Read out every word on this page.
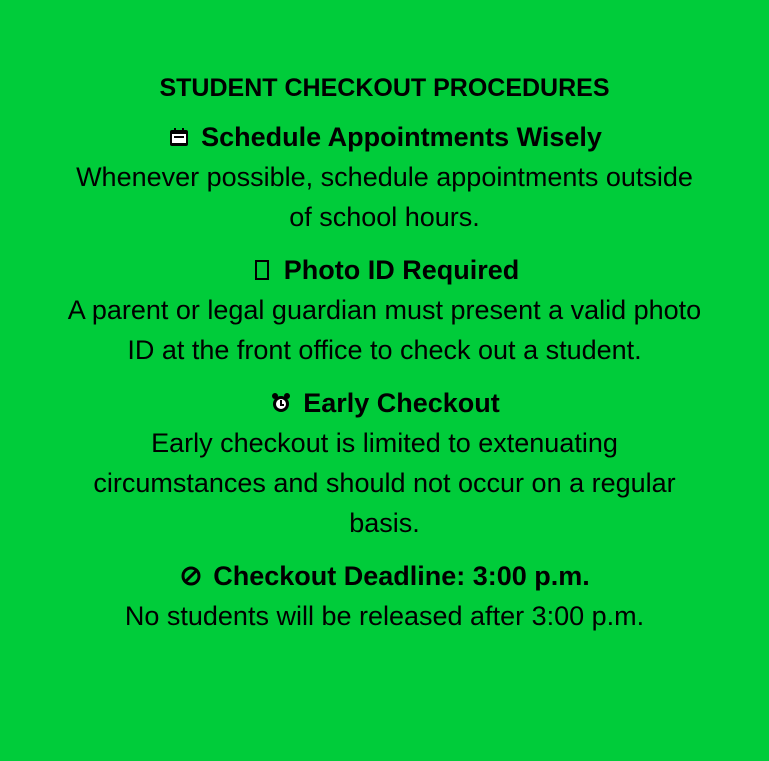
STUDENT CHECKOUT PROCEDURES
Schedule Appointments Wisely
Whenever possible, schedule appointments outside of school hours.
Photo ID Required
A parent or legal guardian must present a valid photo ID at the front office to check out a student.
Early Checkout
Early checkout is limited to extenuating circumstances and should not occur on a regular basis.
Checkout Deadline: 3:00 p.m.
No students will be released after 3:00 p.m.
